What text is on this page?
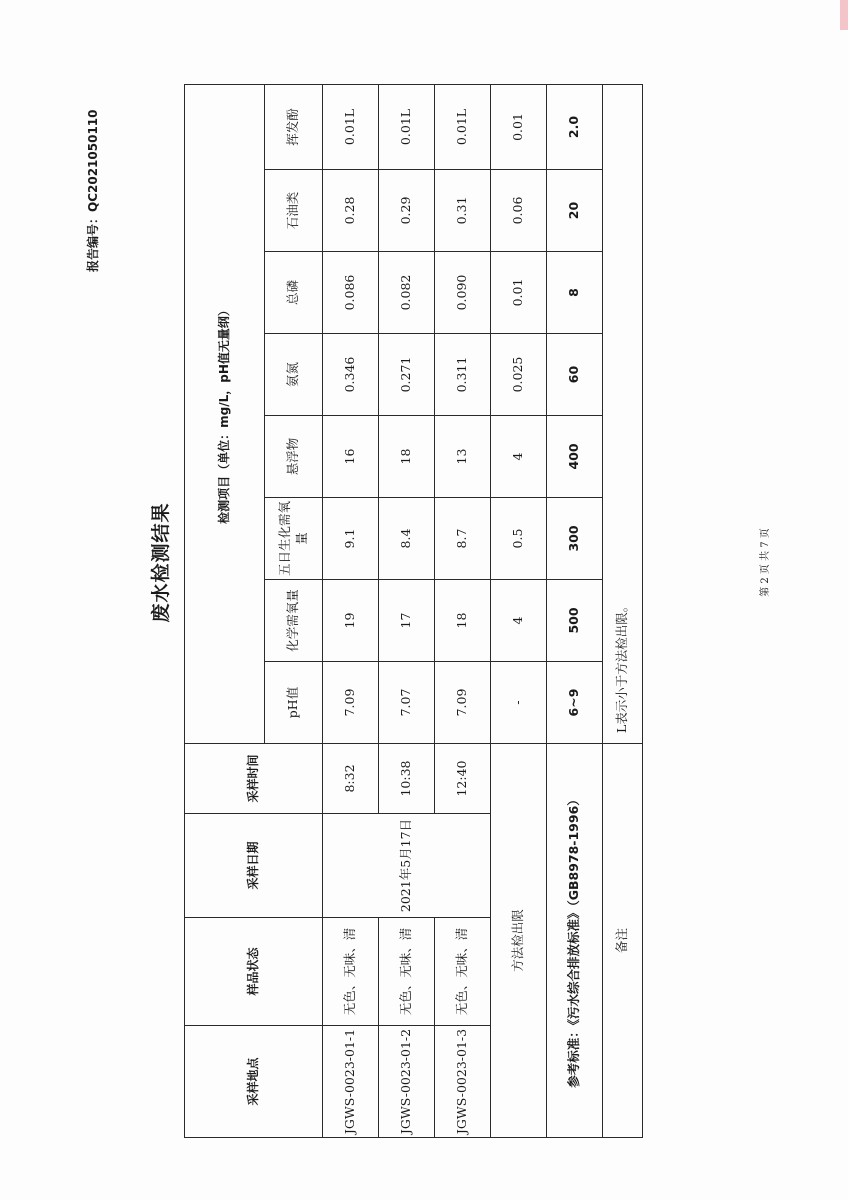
报告编号：QC2021050110
废水检测结果
采样地点	样品状态	采样日期	采样时间	检测项目（单位：mg/L，pH值无量纲）							
				pH值	化学需氧量	五日生化需氧量	悬浮物	氨氮	总磷	石油类	挥发酚
JGWS-0023-01-1	无色、无味、清	2021年5月17日	8:32	7.09	19	9.1	16	0.346	0.086	0.28	0.01L
JGWS-0023-01-2	无色、无味、清		10:38	7.07	17	8.4	18	0.271	0.082	0.29	0.01L
JGWS-0023-01-3	无色、无味、清		12:40	7.09	18	8.7	13	0.311	0.090	0.31	0.01L
方法检出限				-	4	0.5	4	0.025	0.01	0.06	0.01
参考标准：《污水综合排放标准》（GB8978-1996）				6~9	500	300	400	60	8	20	2.0
备注				L表示小于方法检出限。							
第 2 页 共 7 页
